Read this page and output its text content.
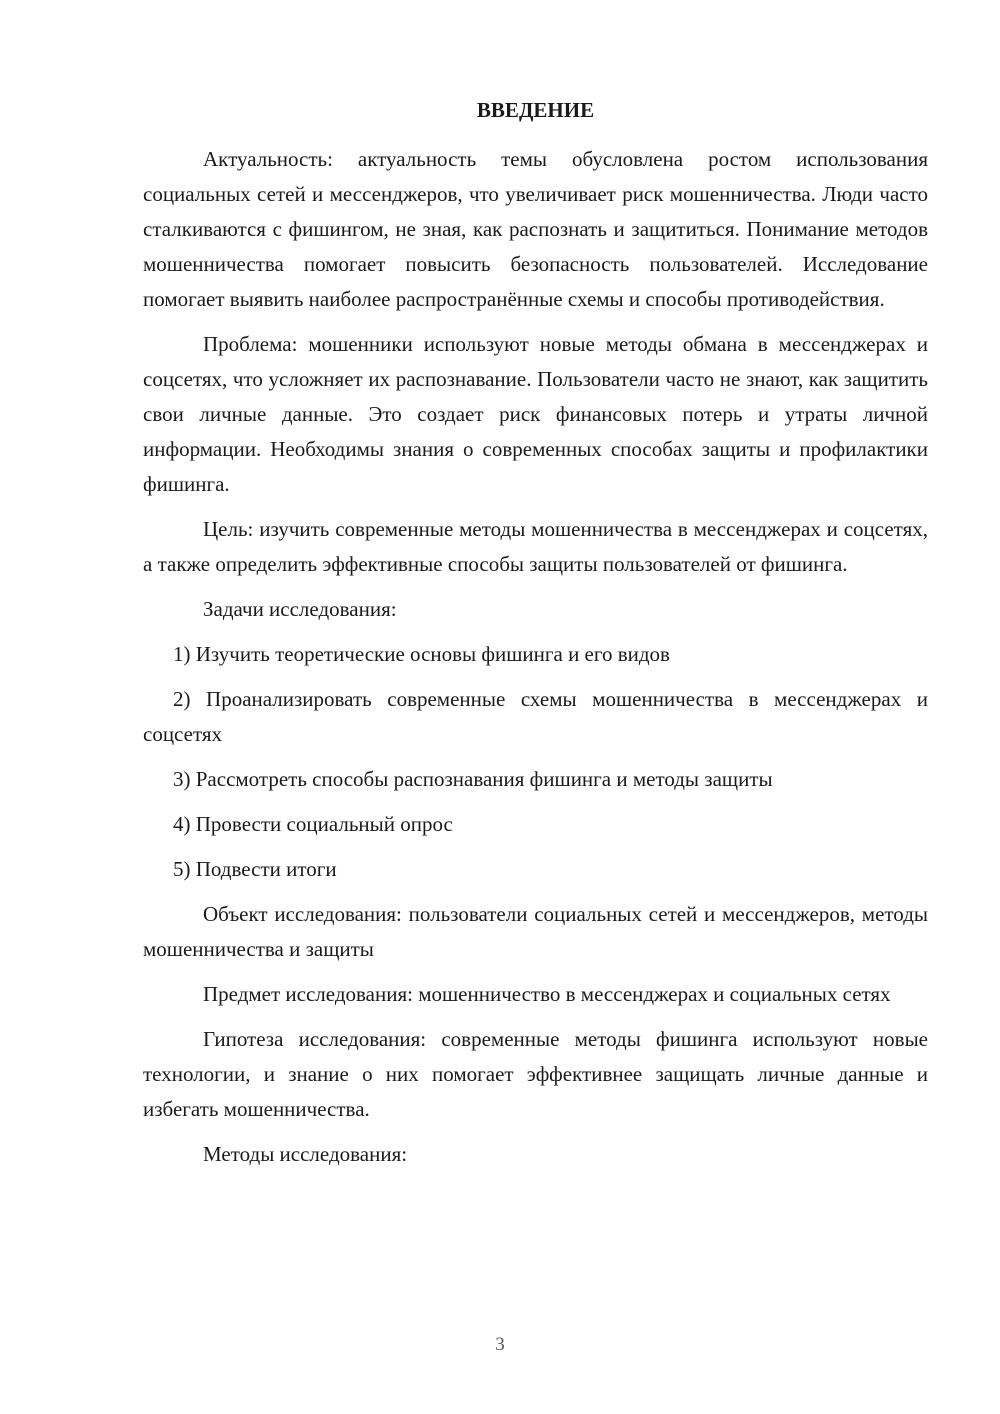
ВВЕДЕНИЕ

Актуальность: актуальность темы обусловлена ростом использования социальных сетей и мессенджеров, что увеличивает риск мошенничества. Люди часто сталкиваются с фишингом, не зная, как распознать и защититься. Понимание методов мошенничества помогает повысить безопасность пользователей. Исследование помогает выявить наиболее распространённые схемы и способы противодействия.

Проблема: мошенники используют новые методы обмана в мессенджерах и соцсетях, что усложняет их распознавание. Пользователи часто не знают, как защитить свои личные данные. Это создает риск финансовых потерь и утраты личной информации. Необходимы знания о современных способах защиты и профилактики фишинга.

Цель: изучить современные методы мошенничества в мессенджерах и соцсетях, а также определить эффективные способы защиты пользователей от фишинга.

Задачи исследования:

1) Изучить теоретические основы фишинга и его видов

2) Проанализировать современные схемы мошенничества в мессенджерах и соцсетях

3) Рассмотреть способы распознавания фишинга и методы защиты

4) Провести социальный опрос

5) Подвести итоги

Объект исследования: пользователи социальных сетей и мессенджеров, методы мошенничества и защиты

Предмет исследования: мошенничество в мессенджерах и социальных сетях

Гипотеза исследования: современные методы фишинга используют новые технологии, и знание о них помогает эффективнее защищать личные данные и избегать мошенничества.

Методы исследования:

3
